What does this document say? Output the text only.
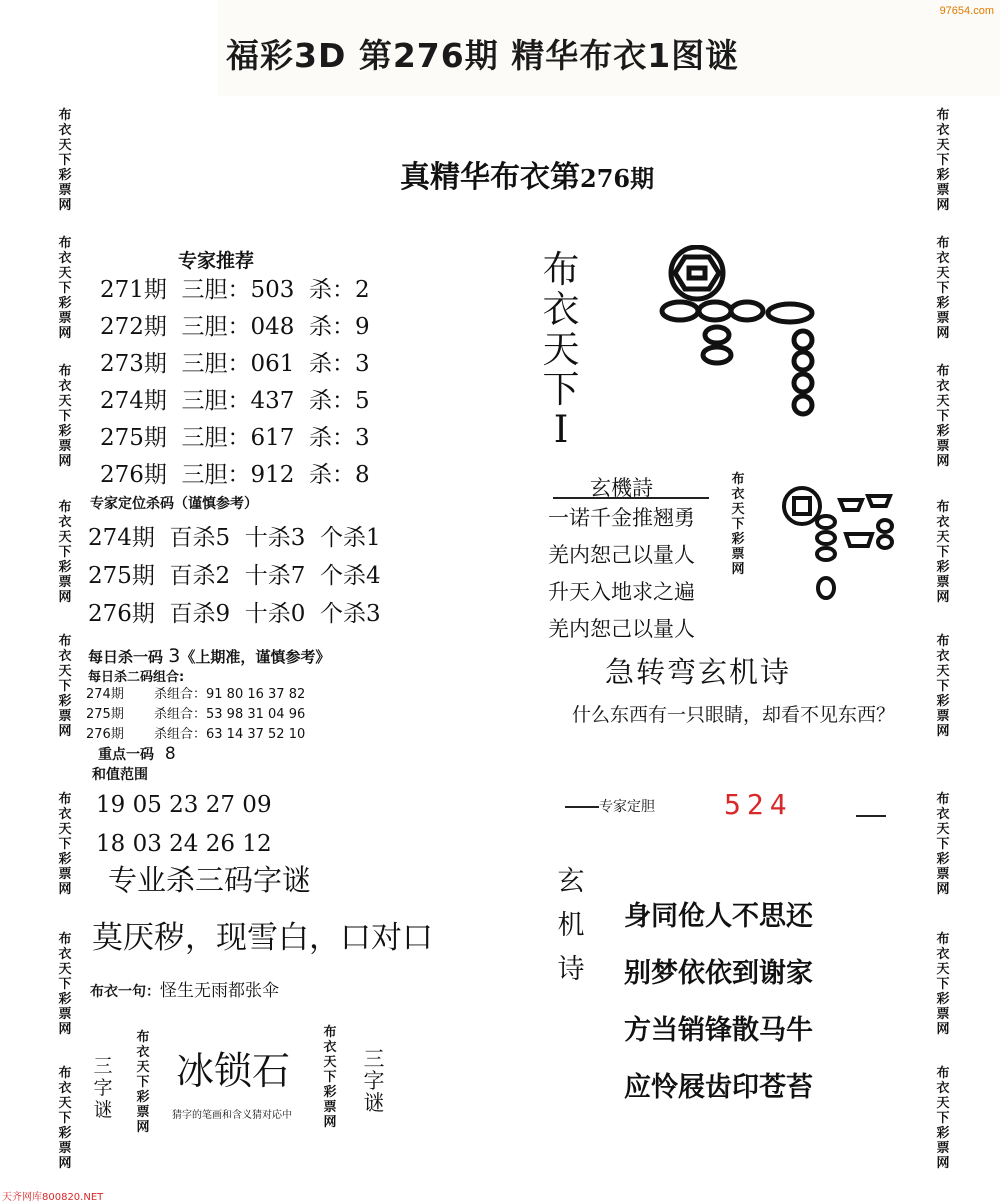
97654.com
福彩3D 第276期 精华布衣1图谜
布衣天下彩票网
布衣天下彩票网
布衣天下彩票网
布衣天下彩票网
布衣天下彩票网
布衣天下彩票网
布衣天下彩票网
布衣天下彩票网
布衣天下彩票网
布衣天下彩票网
布衣天下彩票网
布衣天下彩票网
布衣天下彩票网
布衣天下彩票网
布衣天下彩票网
布衣天下彩票网
真精华布衣第276期
专家推荐
271期  三胆：503  杀：2
272期  三胆：048  杀：9
273期  三胆：061  杀：3
274期  三胆：437  杀：5
275期  三胆：617  杀：3
276期  三胆：912  杀：8
专家定位杀码（谨慎参考）
274期  百杀5  十杀3  个杀1
275期  百杀2  十杀7  个杀4
276期  百杀9  十杀0  个杀3
每日杀一码 3《上期准，谨慎参考》
每日杀二码组合:
274期 杀组合：91 80 16 37 82
275期 杀组合：53 98 31 04 96
276期 杀组合：63 14 37 52 10
重点一码 8
和值范围
19 05 23 27 09
18 03 24 26 12
专业杀三码字谜
莫厌秽，现雪白，口对口
布衣一句：怪生无雨都张伞
三字谜
布衣天下彩票网
冰锁石
猜字的笔画和含义猜对応中
布衣天下彩票网
三字谜
布衣天下I
玄機詩
一诺千金推翘勇
羌内恕己以量人
升天入地求之遍
羌内恕己以量人
布衣天下彩票网
急转弯玄机诗
什么东西有一只眼睛，却看不见东西？
专家定胆 524
玄机诗
身同伧人不思还
别梦依依到谢家
方当销锋散马牛
应怜屐齿印苍苔
天齐网库800820.NET
